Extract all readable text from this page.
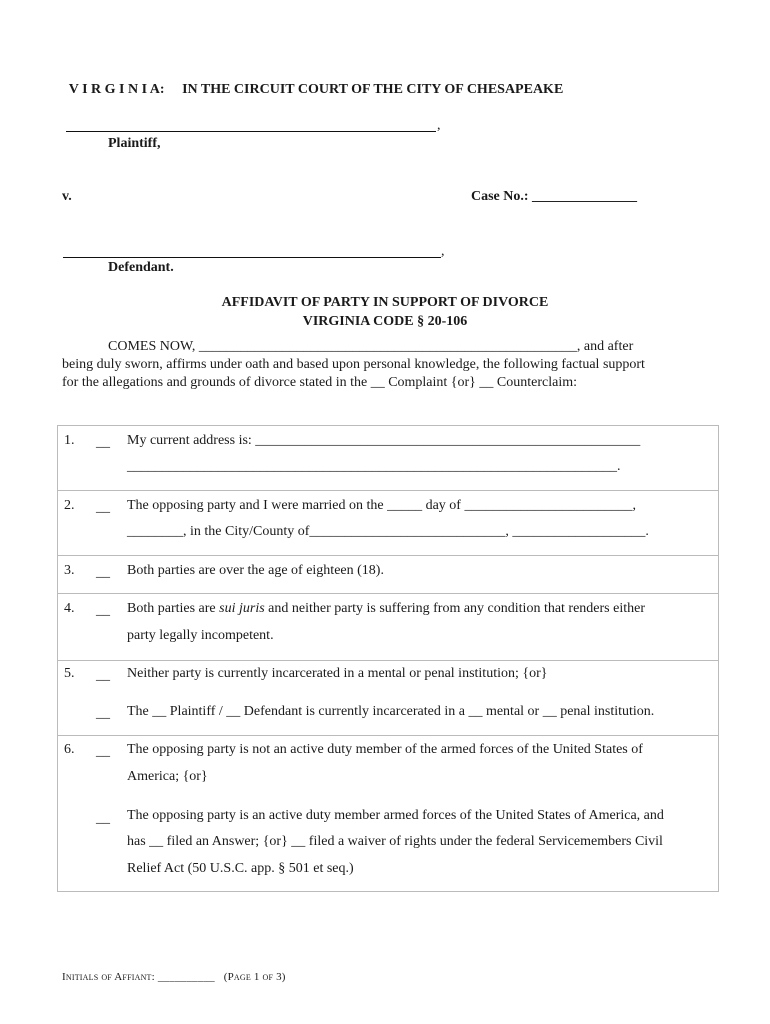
V I R G I N I A: IN THE CIRCUIT COURT OF THE CITY OF CHESAPEAKE

,
Plaintiff,
v.	Case No.: _______________
,
Defendant.
AFFIDAVIT OF PARTY IN SUPPORT OF DIVORCE
VIRGINIA CODE § 20-106
COMES NOW, ______________________________________________________, and after
being duly sworn, affirms under oath and based upon personal knowledge, the following factual support
for the allegations and grounds of divorce stated in the __ Complaint {or} __ Counterclaim:
1. __ My current address is: _______________________________________________________
______________________________________________________________________.
2. __ The opposing party and I were married on the _____ day of ________________________,
________, in the City/County of____________________________, ___________________.
3. __ Both parties are over the age of eighteen (18).
4. __ Both parties are sui juris and neither party is suffering from any condition that renders either
party legally incompetent.
5. __ Neither party is currently incarcerated in a mental or penal institution; {or}
__ The __ Plaintiff / __ Defendant is currently incarcerated in a __ mental or __ penal institution.
6. __ The opposing party is not an active duty member of the armed forces of the United States of
America; {or}
__ The opposing party is an active duty member armed forces of the United States of America, and
has __ filed an Answer; {or} __ filed a waiver of rights under the federal Servicemembers Civil
Relief Act (50 U.S.C. app. § 501 et seq.)
Initials of Affiant: __________ (Page 1 of 3)
